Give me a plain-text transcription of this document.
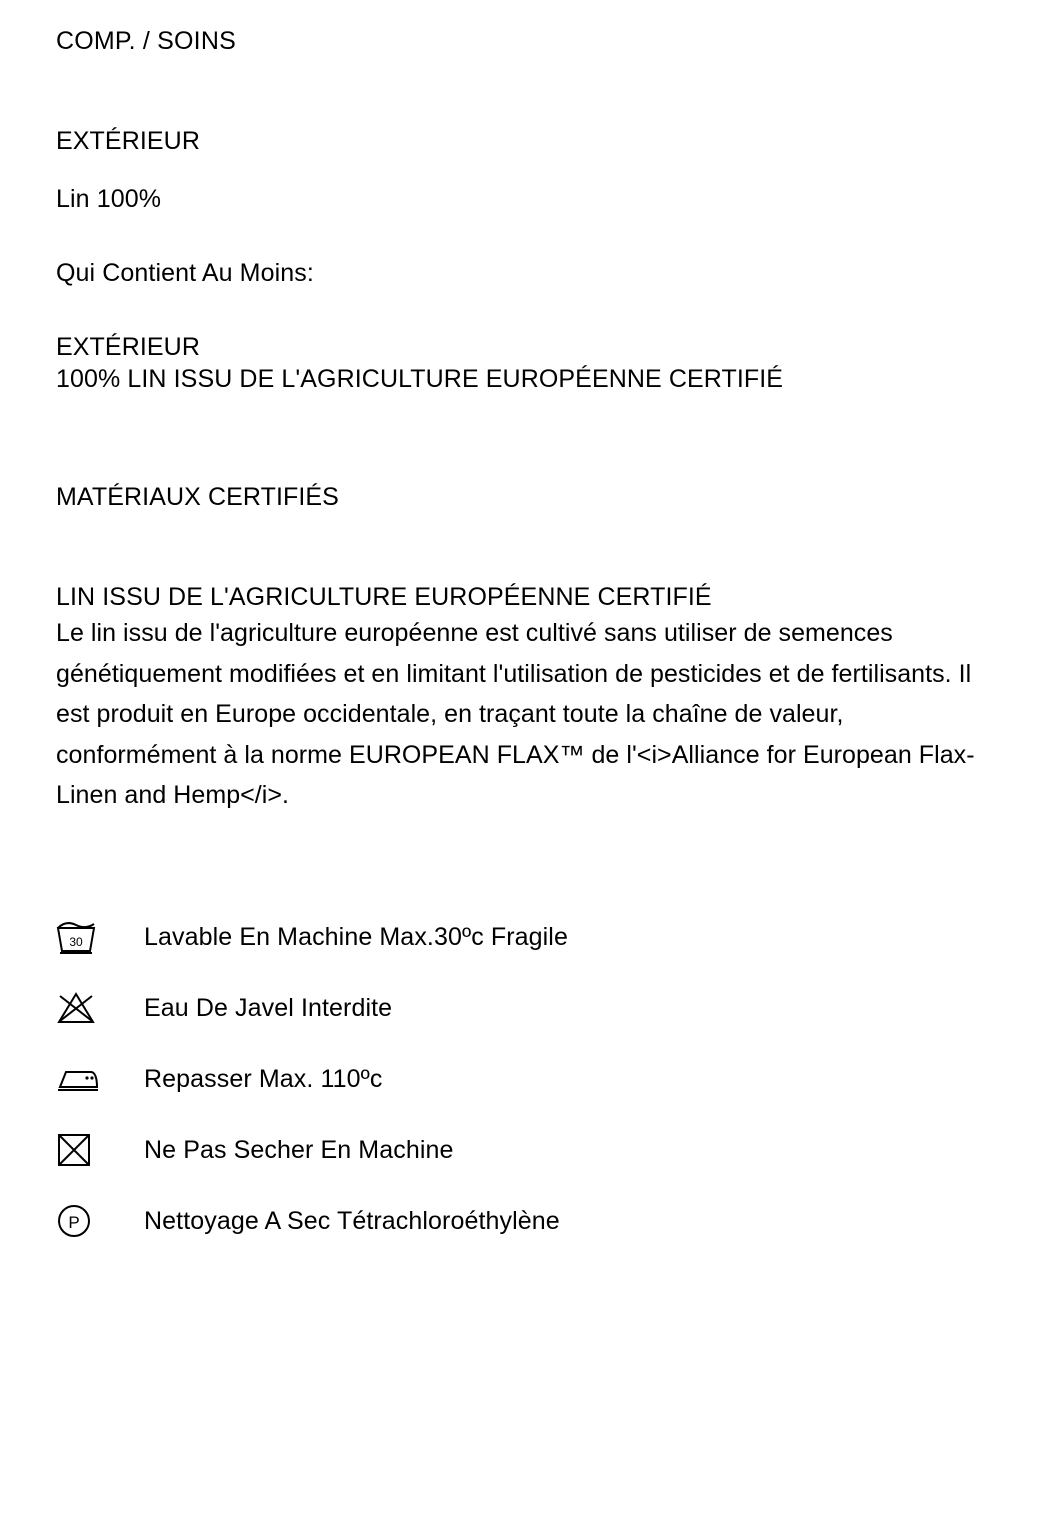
COMP. / SOINS

EXTÉRIEUR

Lin 100%

Qui Contient Au Moins:

EXTÉRIEUR

100% LIN ISSU DE L'AGRICULTURE EUROPÉENNE CERTIFIÉ

MATÉRIAUX CERTIFIÉS

LIN ISSU DE L'AGRICULTURE EUROPÉENNE CERTIFIÉ

Le lin issu de l'agriculture européenne est cultivé sans utiliser de semences génétiquement modifiées et en limitant l'utilisation de pesticides et de fertilisants. Il est produit en Europe occidentale, en traçant toute la chaîne de valeur, conformément à la norme EUROPEAN FLAX™ de l'<i>Alliance for European Flax-Linen and Hemp</i>.

30	Lavable En Machine Max.30ºc Fragile
Eau De Javel Interdite
Repasser Max. 110ºc
Ne Pas Secher En Machine
P	Nettoyage A Sec Tétrachloroéthylène
